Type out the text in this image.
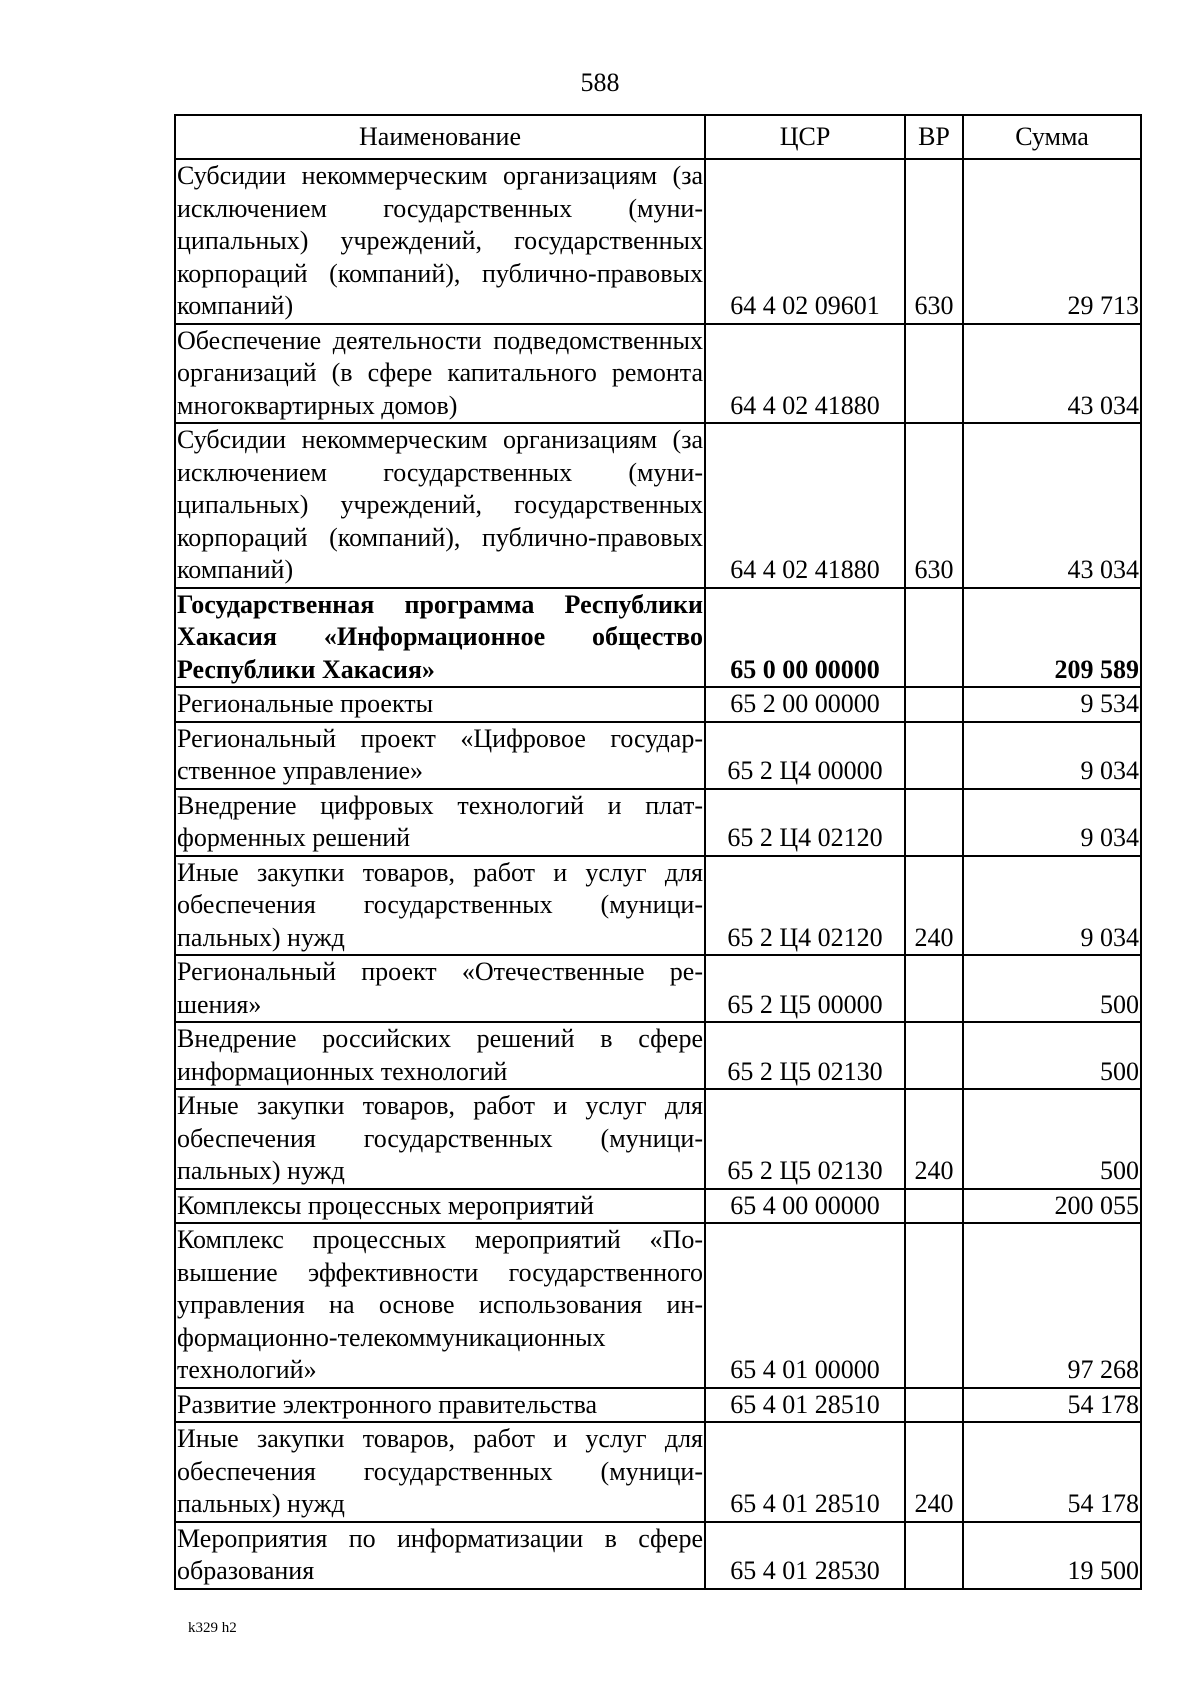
588
Наименование	ЦСР	ВР	Сумма
Субсидии некоммерческим организациям (за исключением государственных (муниципальных) учреждений, государственных корпораций (компаний), публично-правовых компаний)	64 4 02 09601	630	29 713
Обеспечение деятельности подведомственных организаций (в сфере капитального ремонта многоквартирных домов)	64 4 02 41880		43 034
Субсидии некоммерческим организациям (за исключением государственных (муниципальных) учреждений, государственных корпораций (компаний), публично-правовых компаний)	64 4 02 41880	630	43 034
Государственная программа Республики Хакасия «Информационное общество Республики Хакасия»	65 0 00 00000		209 589
Региональные проекты	65 2 00 00000		9 534
Региональный проект «Цифровое государственное управление»	65 2 Ц4 00000		9 034
Внедрение цифровых технологий и платформенных решений	65 2 Ц4 02120		9 034
Иные закупки товаров, работ и услуг для обеспечения государственных (муниципальных) нужд	65 2 Ц4 02120	240	9 034
Региональный проект «Отечественные решения»	65 2 Ц5 00000		500
Внедрение российских решений в сфере информационных технологий	65 2 Ц5 02130		500
Иные закупки товаров, работ и услуг для обеспечения государственных (муниципальных) нужд	65 2 Ц5 02130	240	500
Комплексы процессных мероприятий	65 4 00 00000		200 055
Комплекс процессных мероприятий «Повышение эффективности государственного управления на основе использования информационно-телекоммуникационных технологий»	65 4 01 00000		97 268
Развитие электронного правительства	65 4 01 28510		54 178
Иные закупки товаров, работ и услуг для обеспечения государственных (муниципальных) нужд	65 4 01 28510	240	54 178
Мероприятия по информатизации в сфере образования	65 4 01 28530		19 500
k329 h2
